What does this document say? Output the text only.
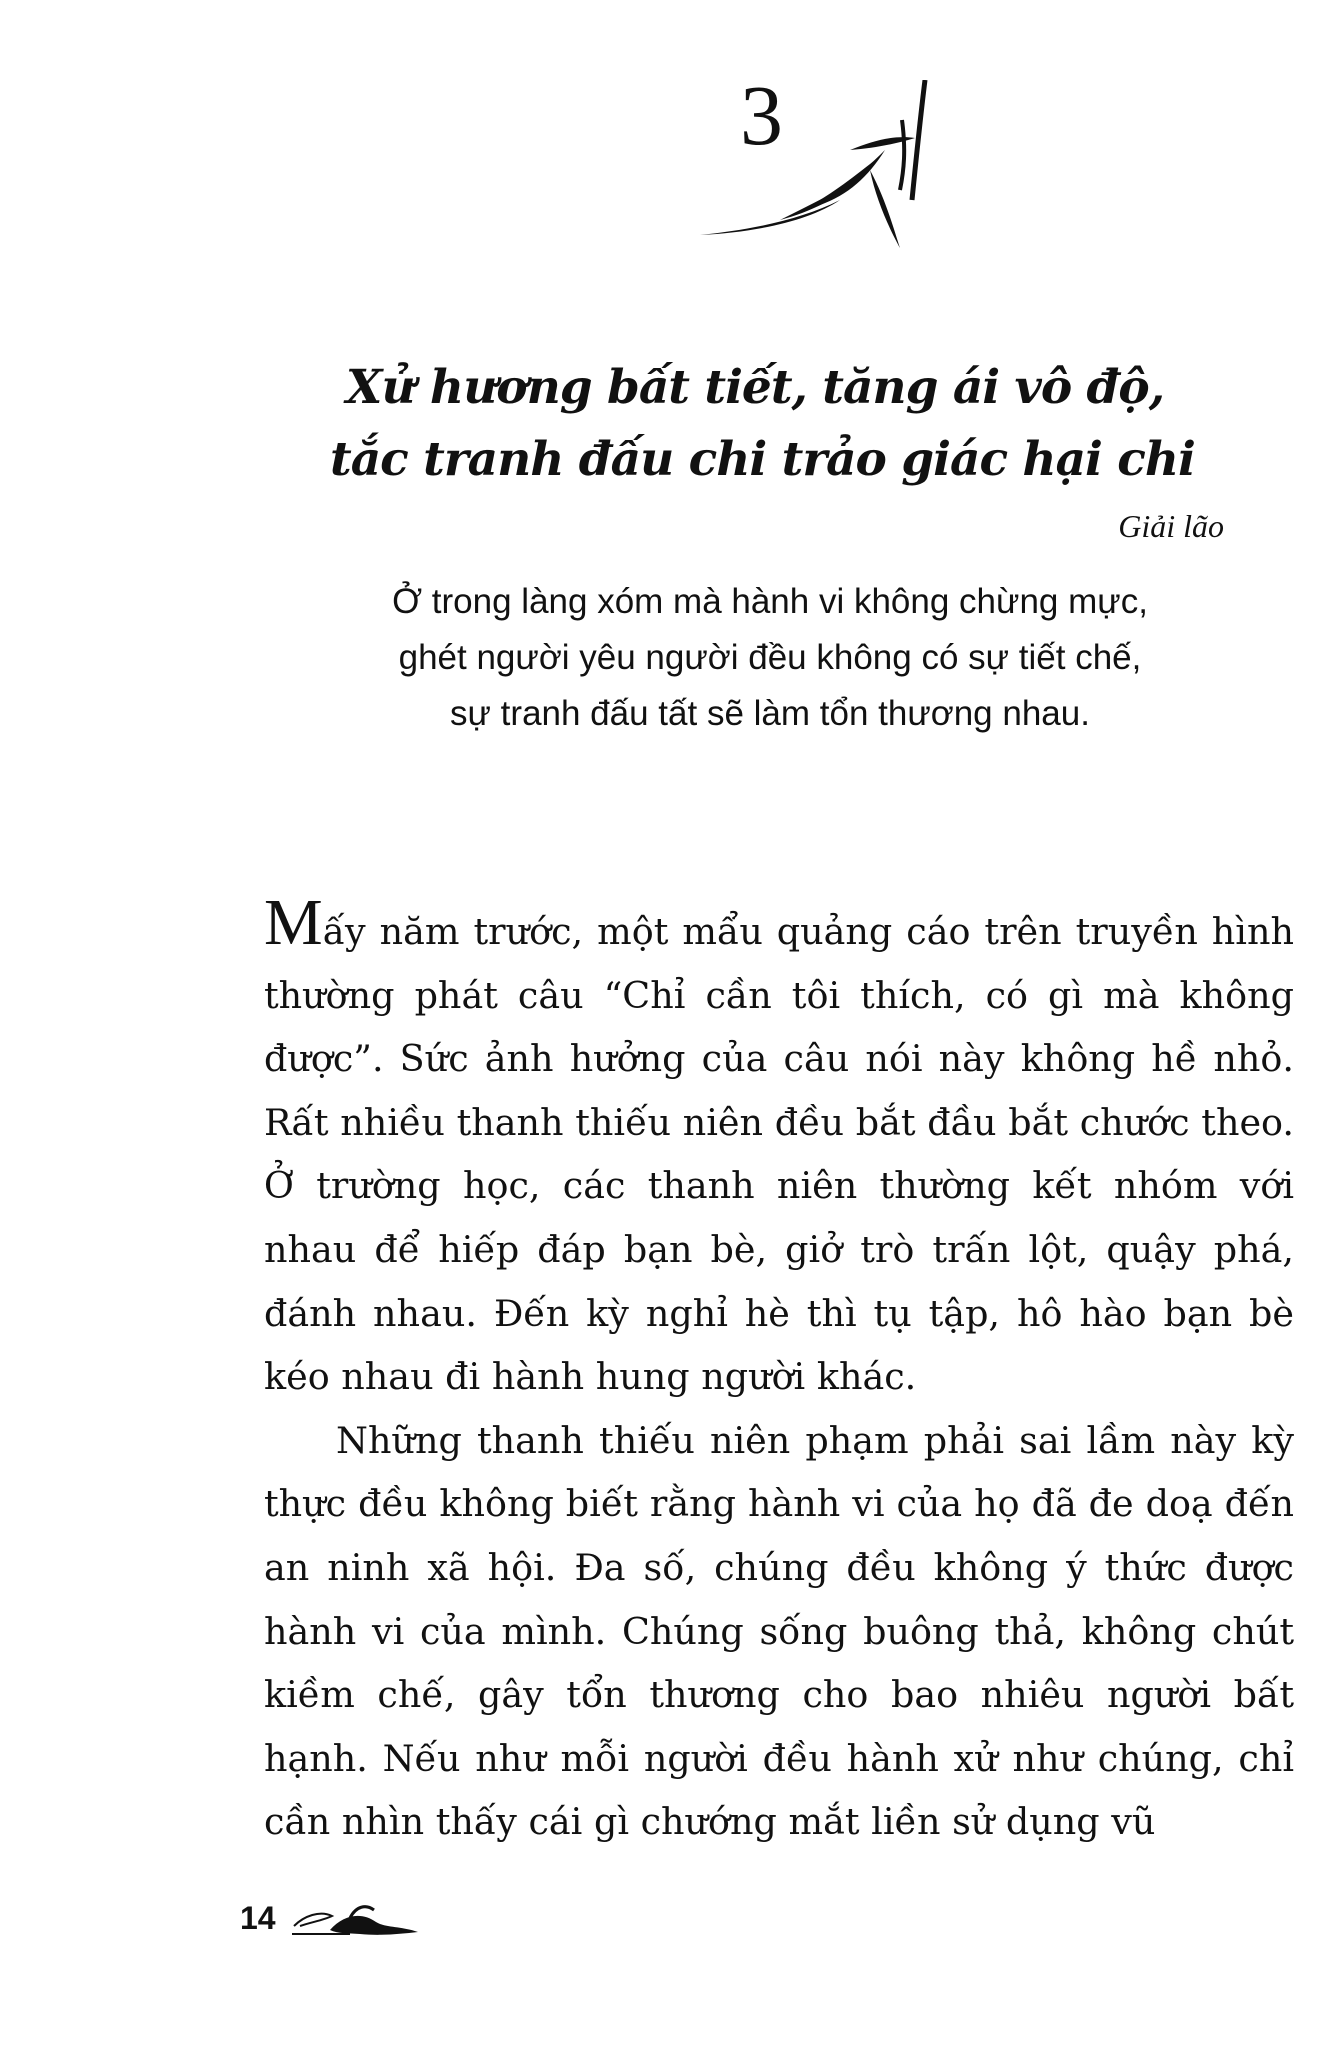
3
Xử hương bất tiết, tăng ái vô độ,
tắc tranh đấu chi trảo giác hại chi
Giải lão
Ở trong làng xóm mà hành vi không chừng mực,
ghét người yêu người đều không có sự tiết chế,
sự tranh đấu tất sẽ làm tổn thương nhau.

Mấy năm trước, một mẩu quảng cáo trên truyền hình thường phát câu “Chỉ cần tôi thích, có gì mà không được”. Sức ảnh hưởng của câu nói này không hề nhỏ. Rất nhiều thanh thiếu niên đều bắt đầu bắt chước theo. Ở trường học, các thanh niên thường kết nhóm với nhau để hiếp đáp bạn bè, giở trò trấn lột, quậy phá, đánh nhau. Đến kỳ nghỉ hè thì tụ tập, hô hào bạn bè kéo nhau đi hành hung người khác.

Những thanh thiếu niên phạm phải sai lầm này kỳ thực đều không biết rằng hành vi của họ đã đe doạ đến an ninh xã hội. Đa số, chúng đều không ý thức được hành vi của mình. Chúng sống buông thả, không chút kiềm chế, gây tổn thương cho bao nhiêu người bất hạnh. Nếu như mỗi người đều hành xử như chúng, chỉ cần nhìn thấy cái gì chướng mắt liền sử dụng vũ

14
